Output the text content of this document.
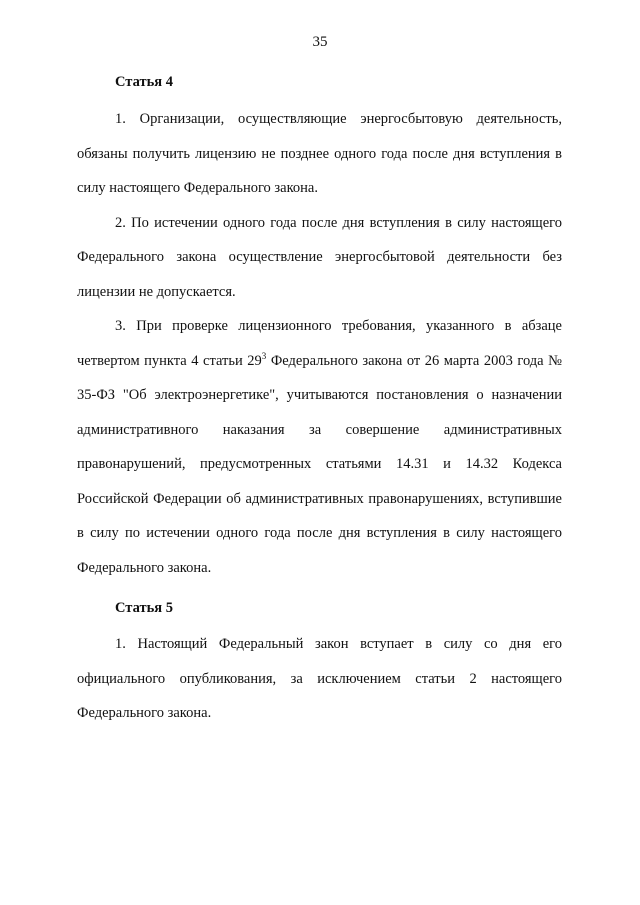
35
Статья 4
1. Организации, осуществляющие энергосбытовую деятельность, обязаны получить лицензию не позднее одного года после дня вступления в силу настоящего Федерального закона.
2. По истечении одного года после дня вступления в силу настоящего Федерального закона осуществление энергосбытовой деятельности без лицензии не допускается.
3. При проверке лицензионного требования, указанного в абзаце четвертом пункта 4 статьи $29^3$ Федерального закона от 26 марта 2003 года № 35-ФЗ "Об электроэнергетике", учитываются постановления о назначении административного наказания за совершение административных правонарушений, предусмотренных статьями 14.31 и 14.32 Кодекса Российской Федерации об административных правонарушениях, вступившие в силу по истечении одного года после дня вступления в силу настоящего Федерального закона.
Статья 5
1. Настоящий Федеральный закон вступает в силу со дня его официального опубликования, за исключением статьи 2 настоящего Федерального закона.
